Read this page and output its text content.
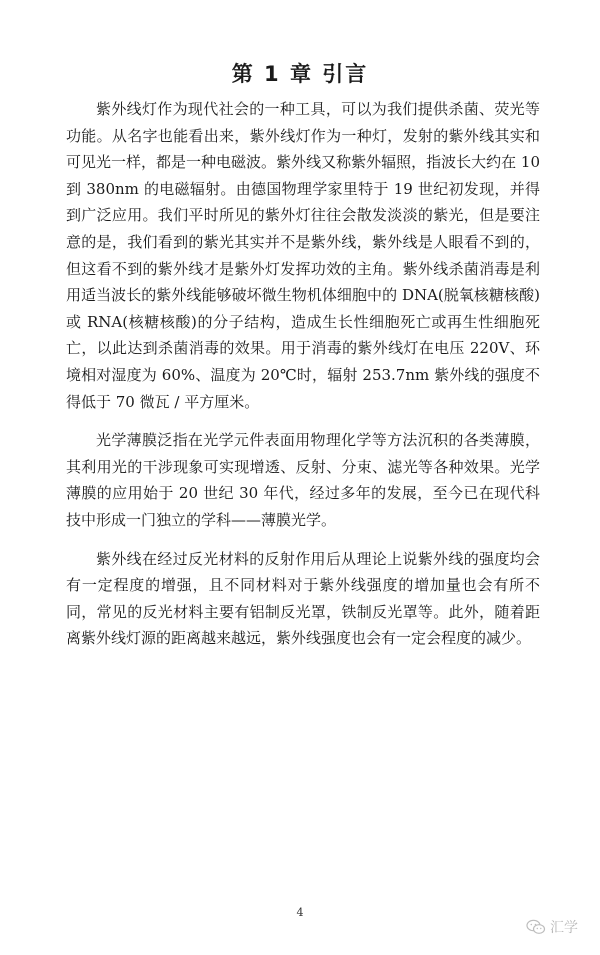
第 1 章 引言

紫外线灯作为现代社会的一种工具，可以为我们提供杀菌、荧光等功能。从名字也能看出来，紫外线灯作为一种灯，发射的紫外线其实和可见光一样，都是一种电磁波。紫外线又称紫外辐照，指波长大约在 10 到 380nm 的电磁辐射。由德国物理学家里特于 19 世纪初发现，并得到广泛应用。我们平时所见的紫外灯往往会散发淡淡的紫光，但是要注意的是，我们看到的紫光其实并不是紫外线，紫外线是人眼看不到的，但这看不到的紫外线才是紫外灯发挥功效的主角。紫外线杀菌消毒是利用适当波长的紫外线能够破坏微生物机体细胞中的 DNA(脱氧核糖核酸)或 RNA(核糖核酸)的分子结构，造成生长性细胞死亡或再生性细胞死亡，以此达到杀菌消毒的效果。用于消毒的紫外线灯在电压 220V、环境相对湿度为 60%、温度为 20℃时，辐射 253.7nm 紫外线的强度不得低于 70 微瓦 / 平方厘米。

光学薄膜泛指在光学元件表面用物理化学等方法沉积的各类薄膜，其利用光的干涉现象可实现增透、反射、分束、滤光等各种效果。光学薄膜的应用始于 20 世纪 30 年代，经过多年的发展，至今已在现代科技中形成一门独立的学科——薄膜光学。

紫外线在经过反光材料的反射作用后从理论上说紫外线的强度均会有一定程度的增强，且不同材料对于紫外线强度的增加量也会有所不同，常见的反光材料主要有铝制反光罩，铁制反光罩等。此外，随着距离紫外线灯源的距离越来越远，紫外线强度也会有一定会程度的减少。

4
汇学
